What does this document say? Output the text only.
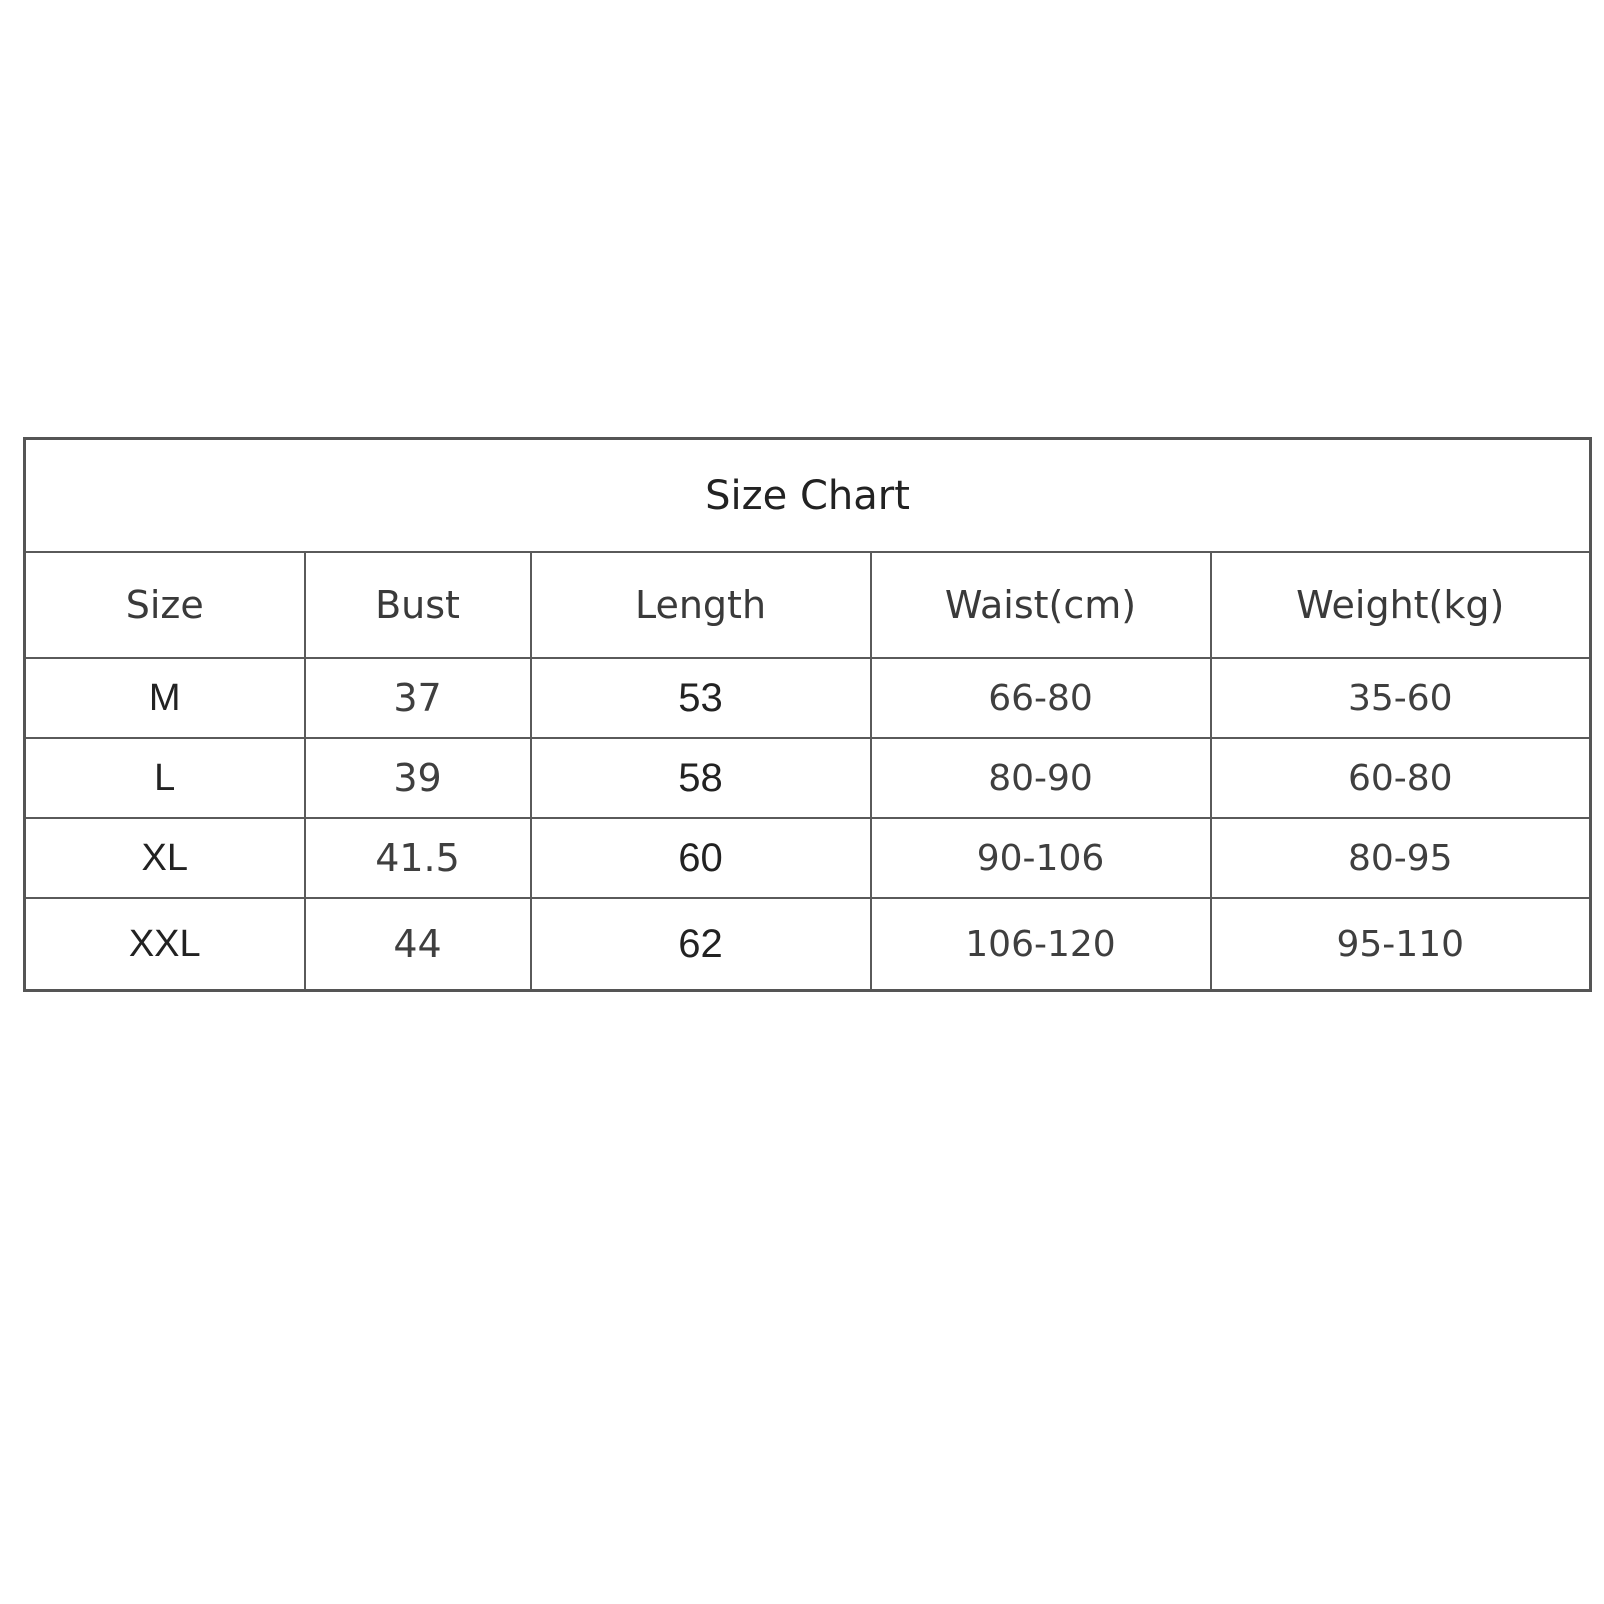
Size Chart				
Size	Bust	Length	Waist(cm)	Weight(kg)
M	37	53	66-80	35-60
L	39	58	80-90	60-80
XL	41.5	60	90-106	80-95
XXL	44	62	106-120	95-110
